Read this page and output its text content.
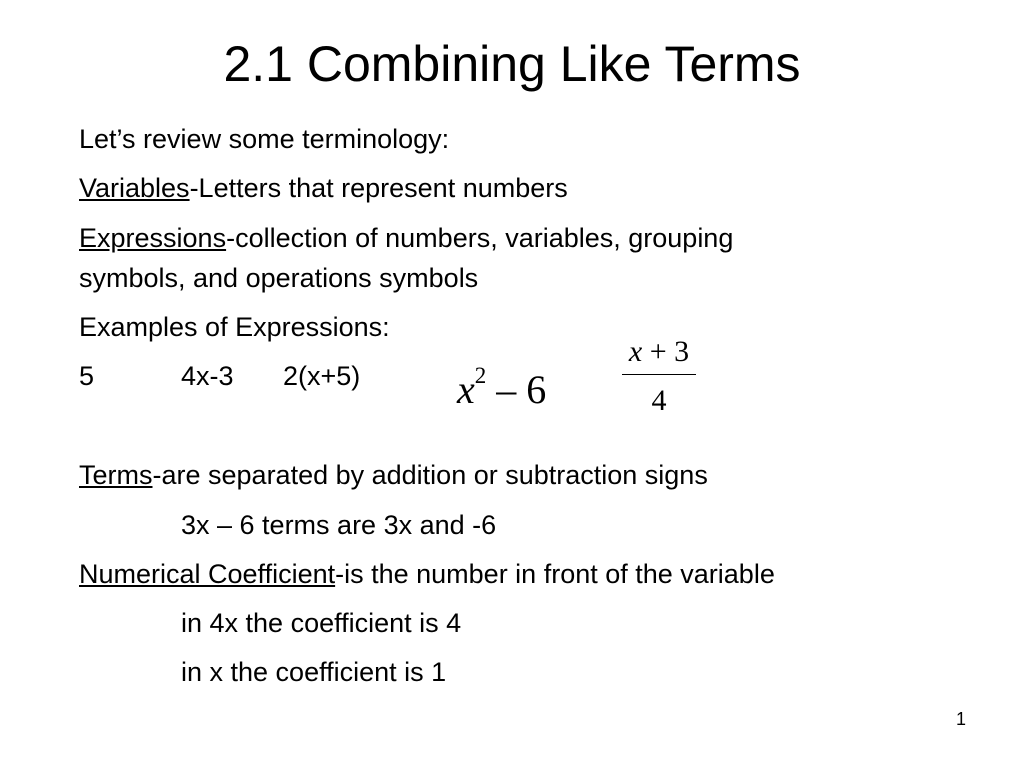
2.1 Combining Like Terms
Let’s review some terminology:
Variables-Letters that represent numbers
Expressions-collection of numbers, variables, grouping
symbols, and operations symbols
Examples of Expressions:
5	4x-3 2(x+5) $x^2 - 6$
x + 3
4
Terms-are separated by addition or subtraction signs
3x – 6 terms are 3x and -6
Numerical Coefficient-is the number in front of the variable
in 4x the coefficient is 4
in x the coefficient is 1
1
